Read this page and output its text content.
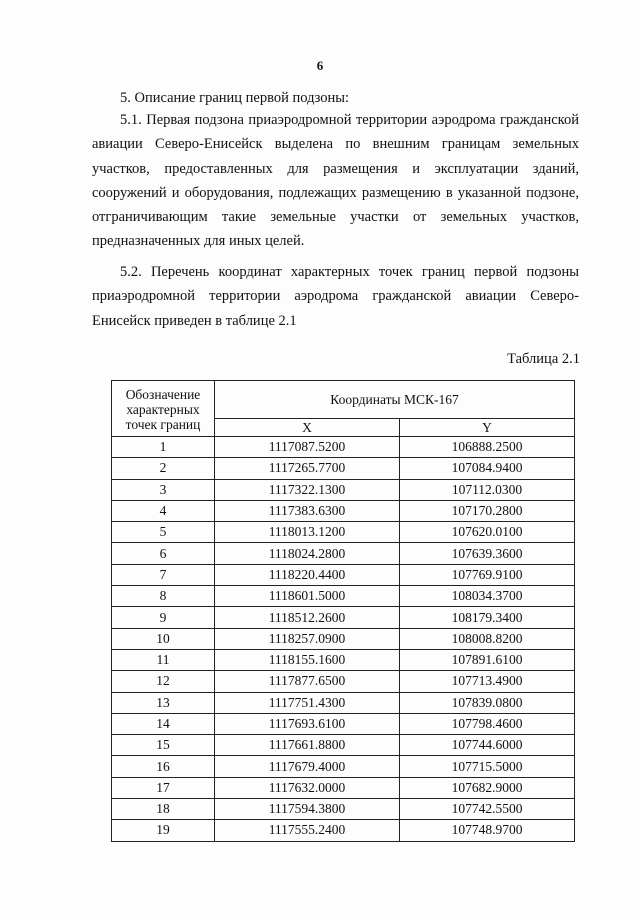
6
5. Описание границ первой подзоны:

5.1. Первая подзона приаэродромной территории аэродрома гражданской авиации Северо-Енисейск выделена по внешним границам земельных участков, предоставленных для размещения и эксплуатации зданий, сооружений и оборудования, подлежащих размещению в указанной подзоне, отграничивающим такие земельные участки от земельных участков, предназначенных для иных целей.

5.2. Перечень координат характерных точек границ первой подзоны приаэродромной территории аэродрома гражданской авиации Северо-Енисейск приведен в таблице 2.1

Таблица 2.1
Обозначение характерных точек границ	Координаты МСК-167	
	X	Y
1	1117087.5200	106888.2500
2	1117265.7700	107084.9400
3	1117322.1300	107112.0300
4	1117383.6300	107170.2800
5	1118013.1200	107620.0100
6	1118024.2800	107639.3600
7	1118220.4400	107769.9100
8	1118601.5000	108034.3700
9	1118512.2600	108179.3400
10	1118257.0900	108008.8200
11	1118155.1600	107891.6100
12	1117877.6500	107713.4900
13	1117751.4300	107839.0800
14	1117693.6100	107798.4600
15	1117661.8800	107744.6000
16	1117679.4000	107715.5000
17	1117632.0000	107682.9000
18	1117594.3800	107742.5500
19	1117555.2400	107748.9700
